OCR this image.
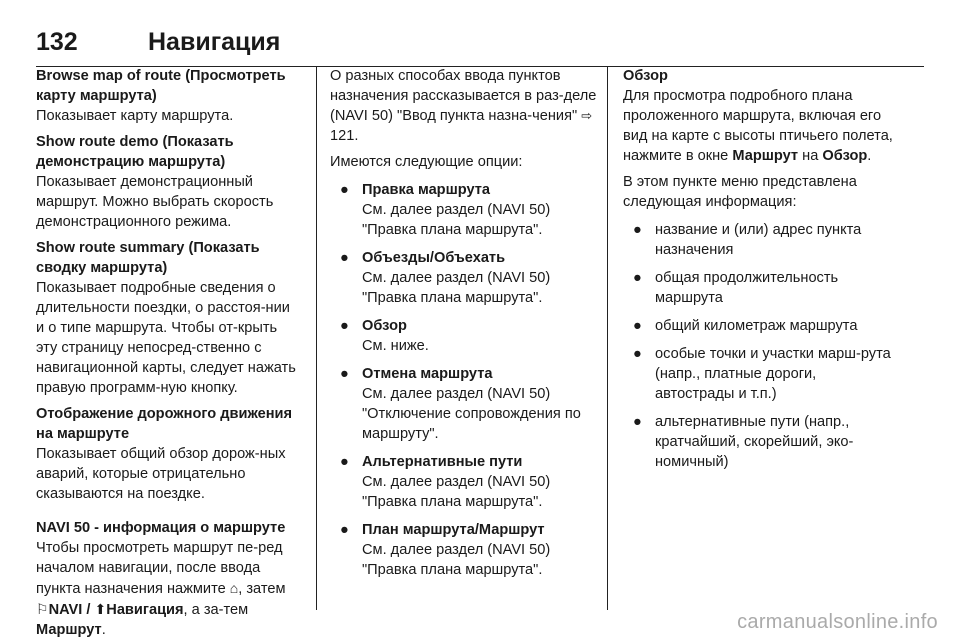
132	Навигация
Browse map of route (Просмотреть карту маршрута)
Показывает карту маршрута.
Show route demo (Показать демонстрацию маршрута)
Показывает демонстрационный маршрут. Можно выбрать скорость демонстрационного режима.
Show route summary (Показать сводку маршрута)
Показывает подробные сведения о длительности поездки, о расстоя-нии и о типе маршрута. Чтобы от-крыть эту страницу непосред-ственно с навигационной карты, следует нажать правую программ-ную кнопку.
Отображение дорожного движения на маршруте
Показывает общий обзор дорож-ных аварий, которые отрицательно сказываются на поездке.
NAVI 50 - информация о маршруте
Чтобы просмотреть маршрут пе-ред началом навигации, после ввода пункта назначения нажмите ⌂, затем ⚐NAVI / ⬆Навигация, а за-тем Маршрут.
О разных способах ввода пунктов назначения рассказывается в раз-деле (NAVI 50) "Ввод пункта назна-чения" ⇨ 121.
Имеются следующие опции:
● Правка маршрута
См. далее раздел (NAVI 50) "Правка плана маршрута".
● Объезды/Объехать
См. далее раздел (NAVI 50) "Правка плана маршрута".
● Обзор
См. ниже.
● Отмена маршрута
См. далее раздел (NAVI 50) "Отключение сопровождения по маршруту".
● Альтернативные пути
См. далее раздел (NAVI 50) "Правка плана маршрута".
● План маршрута/Маршрут
См. далее раздел (NAVI 50) "Правка плана маршрута".
Обзор
Для просмотра подробного плана проложенного маршрута, включая его вид на карте с высоты птичьего полета, нажмите в окне Маршрут на Обзор.
В этом пункте меню представлена следующая информация:
● название и (или) адрес пункта назначения
● общая продолжительность маршрута
● общий километраж маршрута
● особые точки и участки марш-рута (напр., платные дороги, автострады и т.п.)
● альтернативные пути (напр., кратчайший, скорейший, эко-номичный)
carmanualsonline.info
